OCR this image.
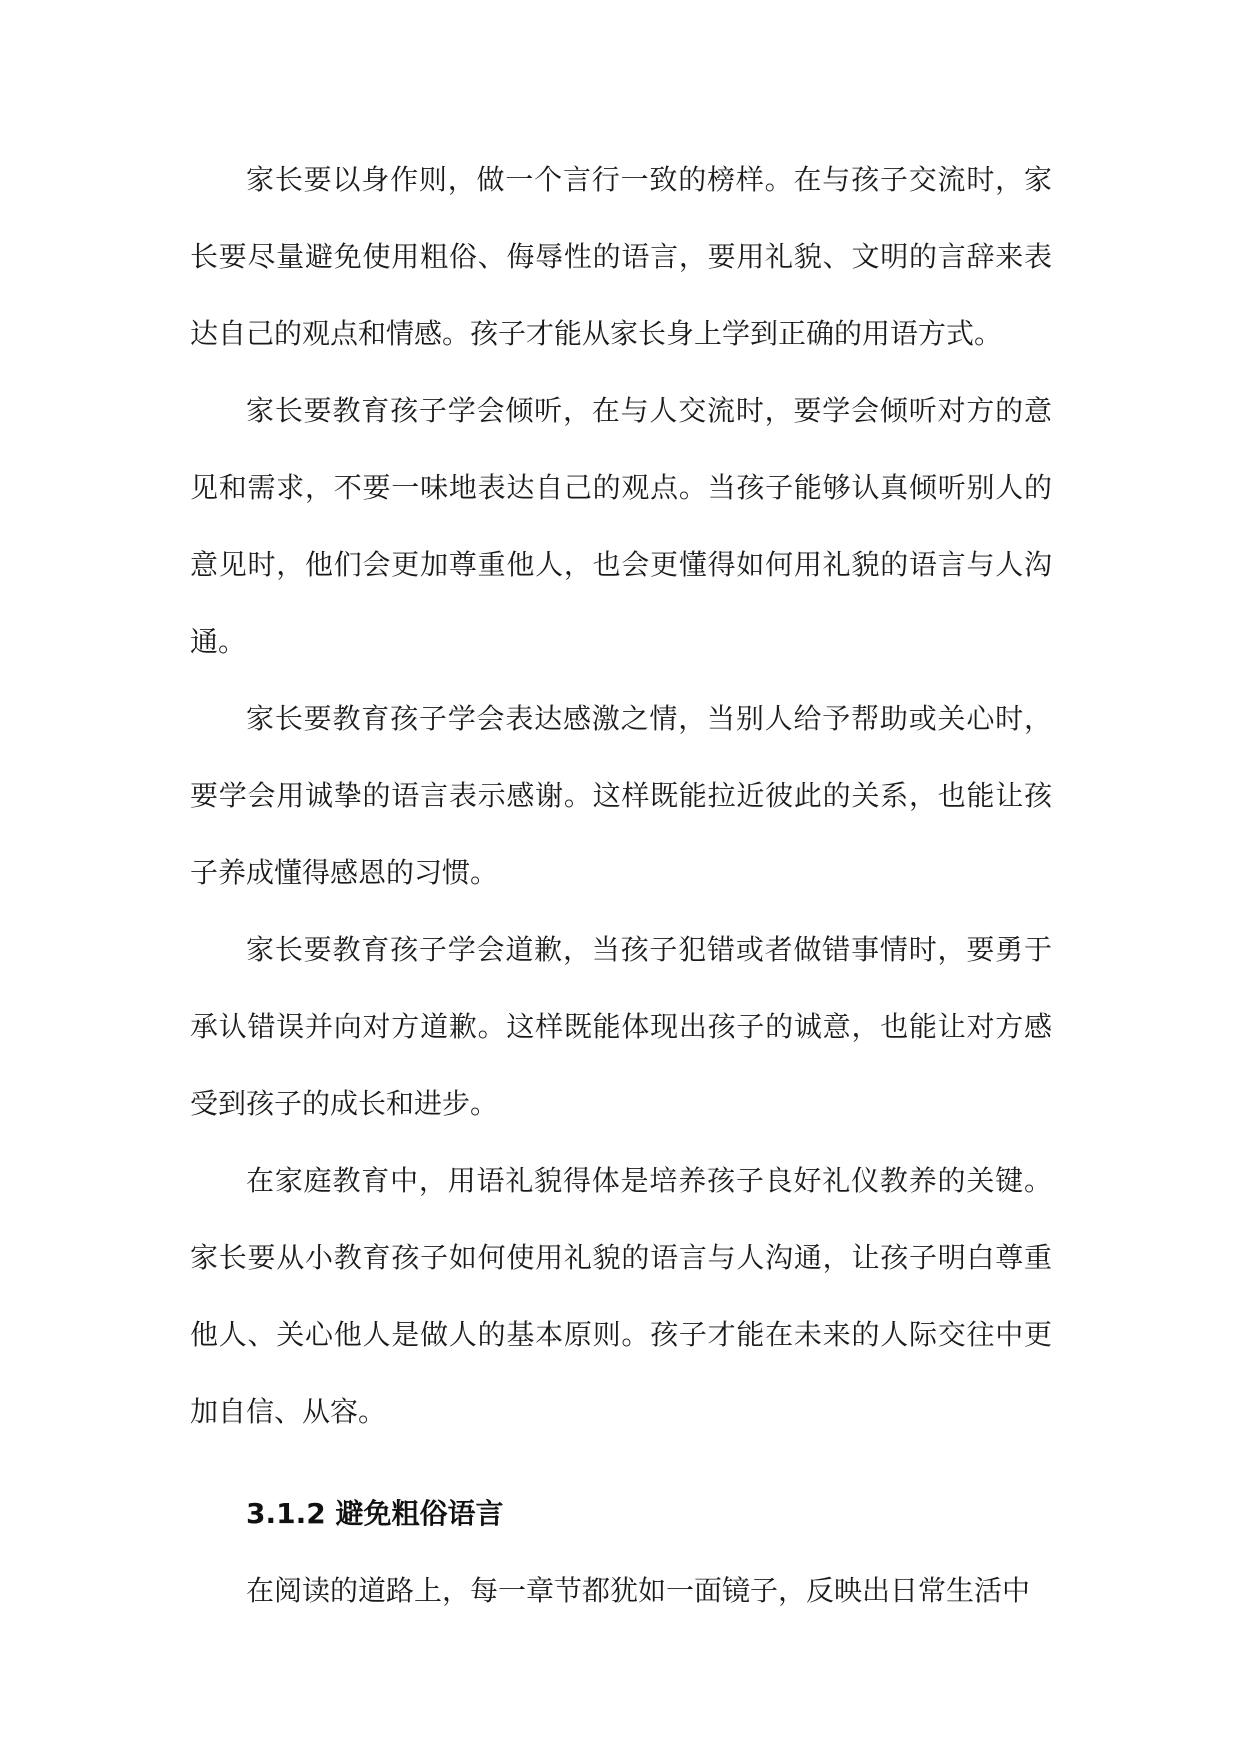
家长要以身作则，做一个言行一致的榜样。在与孩子交流时，家长要尽量避免使用粗俗、侮辱性的语言，要用礼貌、文明的言辞来表达自己的观点和情感。孩子才能从家长身上学到正确的用语方式。

家长要教育孩子学会倾听，在与人交流时，要学会倾听对方的意见和需求，不要一味地表达自己的观点。当孩子能够认真倾听别人的意见时，他们会更加尊重他人，也会更懂得如何用礼貌的语言与人沟通。

家长要教育孩子学会表达感激之情，当别人给予帮助或关心时，要学会用诚挚的语言表示感谢。这样既能拉近彼此的关系，也能让孩子养成懂得感恩的习惯。

家长要教育孩子学会道歉，当孩子犯错或者做错事情时，要勇于承认错误并向对方道歉。这样既能体现出孩子的诚意，也能让对方感受到孩子的成长和进步。

在家庭教育中，用语礼貌得体是培养孩子良好礼仪教养的关键。家长要从小教育孩子如何使用礼貌的语言与人沟通，让孩子明白尊重他人、关心他人是做人的基本原则。孩子才能在未来的人际交往中更加自信、从容。

3.1.2 避免粗俗语言

在阅读的道路上，每一章节都犹如一面镜子，反映出日常生活中
